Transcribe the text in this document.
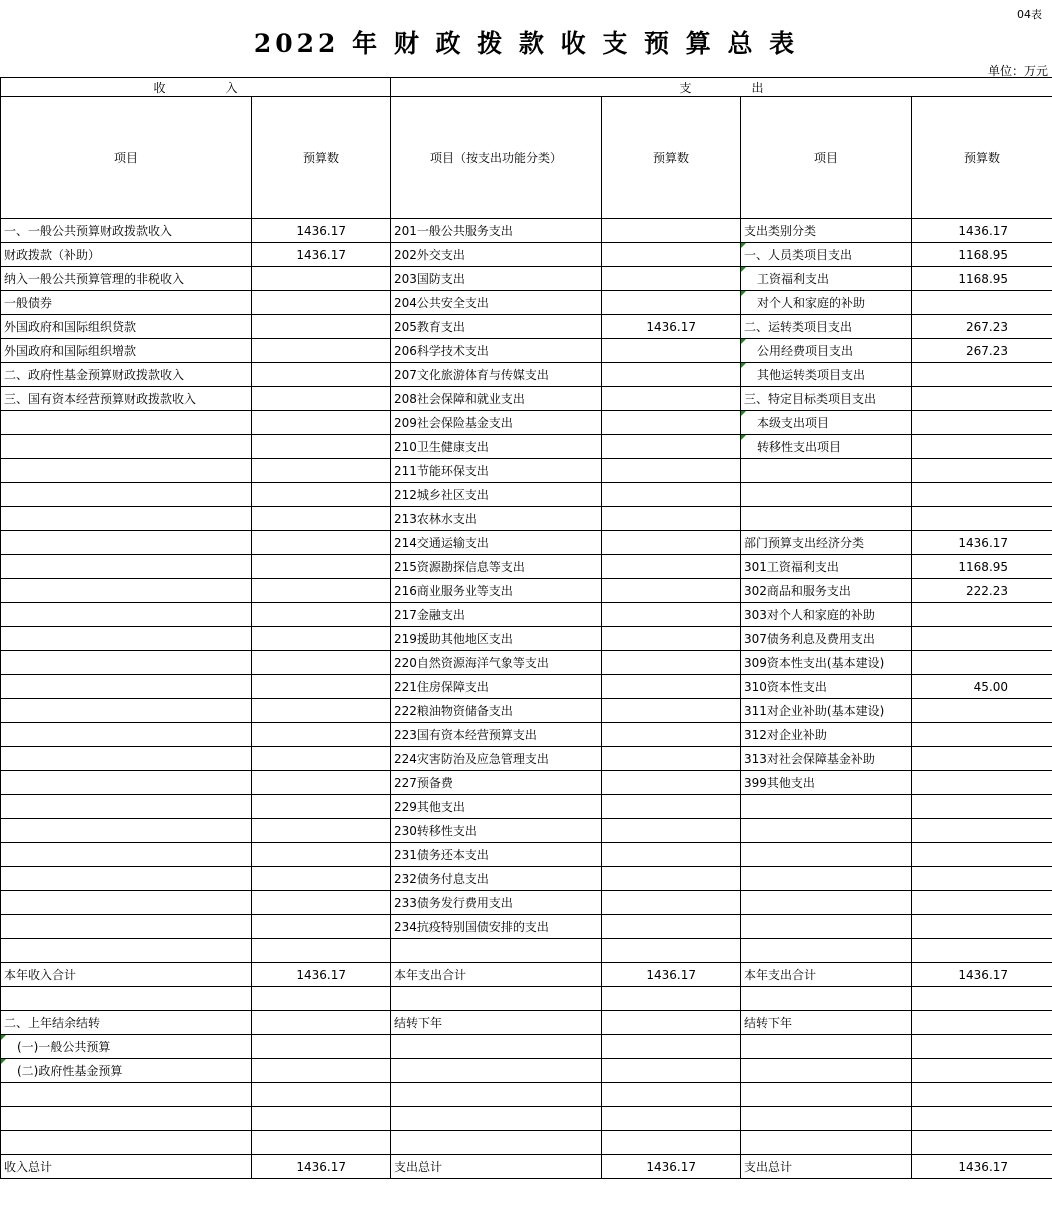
04表
2022 年 财 政 拨 款 收 支 预 算 总 表
单位：万元
收　　　　　入		支　　　　　出			
项目	预算数	项目（按支出功能分类）	预算数	项目	预算数
一、一般公共预算财政拨款收入	1436.17	201一般公共服务支出		支出类别分类	1436.17
财政拨款（补助）	1436.17	202外交支出		一、人员类项目支出	1168.95
纳入一般公共预算管理的非税收入		203国防支出		工资福利支出	1168.95
一般债券		204公共安全支出		对个人和家庭的补助	
外国政府和国际组织贷款		205教育支出	1436.17	二、运转类项目支出	267.23
外国政府和国际组织增款		206科学技术支出		公用经费项目支出	267.23
二、政府性基金预算财政拨款收入		207文化旅游体育与传媒支出		其他运转类项目支出	
三、国有资本经营预算财政拨款收入		208社会保障和就业支出		三、特定目标类项目支出	
		209社会保险基金支出		本级支出项目	
		210卫生健康支出		转移性支出项目	
		211节能环保支出			
		212城乡社区支出			
		213农林水支出			
		214交通运输支出		部门预算支出经济分类	1436.17
		215资源勘探信息等支出		301工资福利支出	1168.95
		216商业服务业等支出		302商品和服务支出	222.23
		217金融支出		303对个人和家庭的补助	
		219援助其他地区支出		307债务利息及费用支出	
		220自然资源海洋气象等支出		309资本性支出(基本建设)	
		221住房保障支出		310资本性支出	45.00
		222粮油物资储备支出		311对企业补助(基本建设)	
		223国有资本经营预算支出		312对企业补助	
		224灾害防治及应急管理支出		313对社会保障基金补助	
		227预备费		399其他支出	
		229其他支出			
		230转移性支出			
		231债务还本支出			
		232债务付息支出			
		233债务发行费用支出			
		234抗疫特别国债安排的支出			

本年收入合计	1436.17	本年支出合计	1436.17	本年支出合计	1436.17

二、上年结余结转		结转下年		结转下年	
(一)一般公共预算					
(二)政府性基金预算					

收入总计	1436.17	支出总计	1436.17	支出总计	1436.17
